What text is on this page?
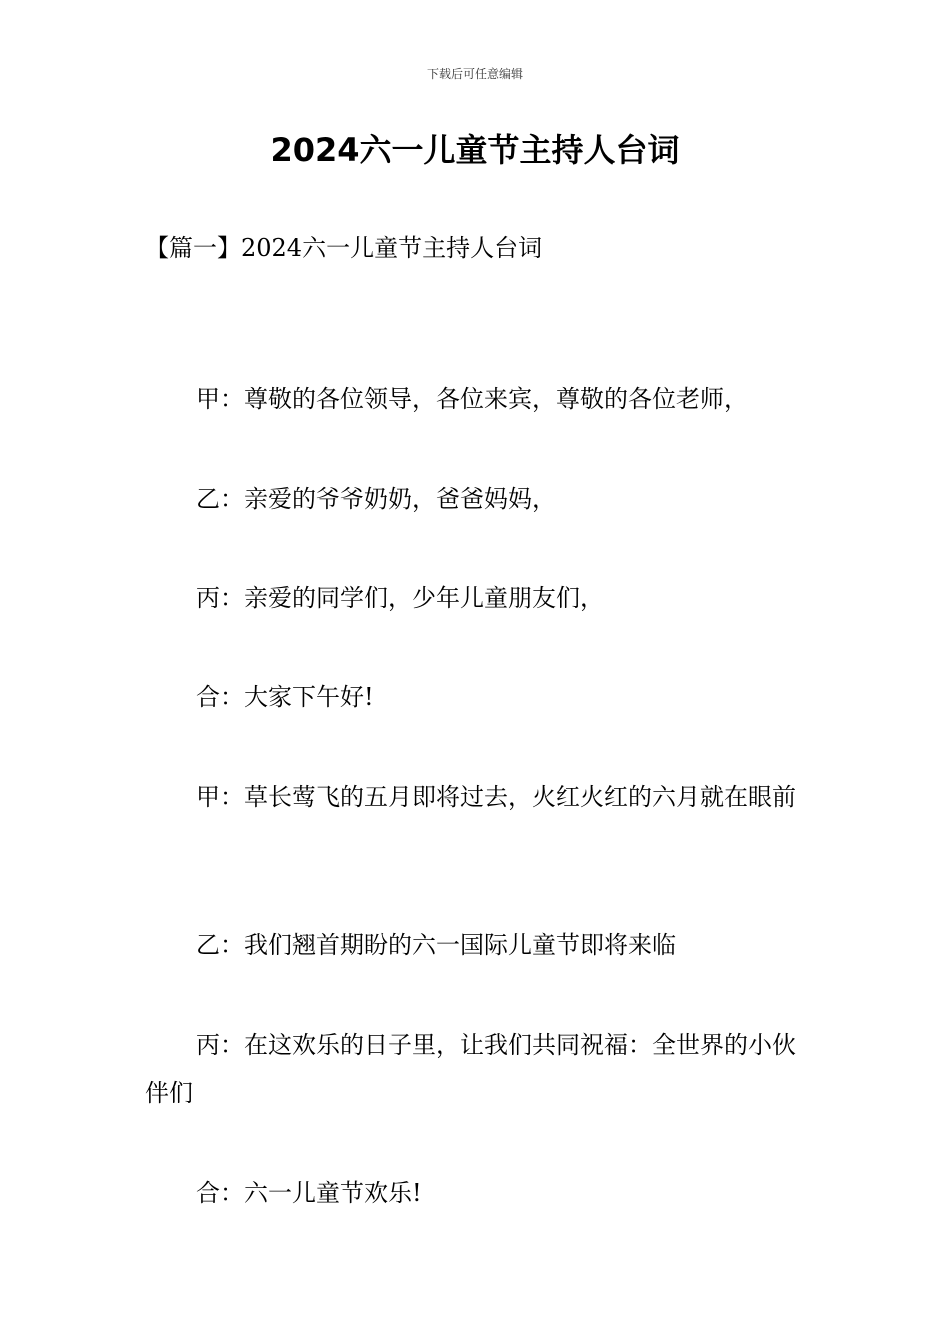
下载后可任意编辑
2024六一儿童节主持人台词
【篇一】2024六一儿童节主持人台词

甲：尊敬的各位领导，各位来宾，尊敬的各位老师，

乙：亲爱的爷爷奶奶，爸爸妈妈，

丙：亲爱的同学们，少年儿童朋友们，

合：大家下午好!

甲：草长莺飞的五月即将过去，火红火红的六月就在眼前

乙：我们翘首期盼的六一国际儿童节即将来临

丙：在这欢乐的日子里，让我们共同祝福：全世界的小伙伴们

合：六一儿童节欢乐!
